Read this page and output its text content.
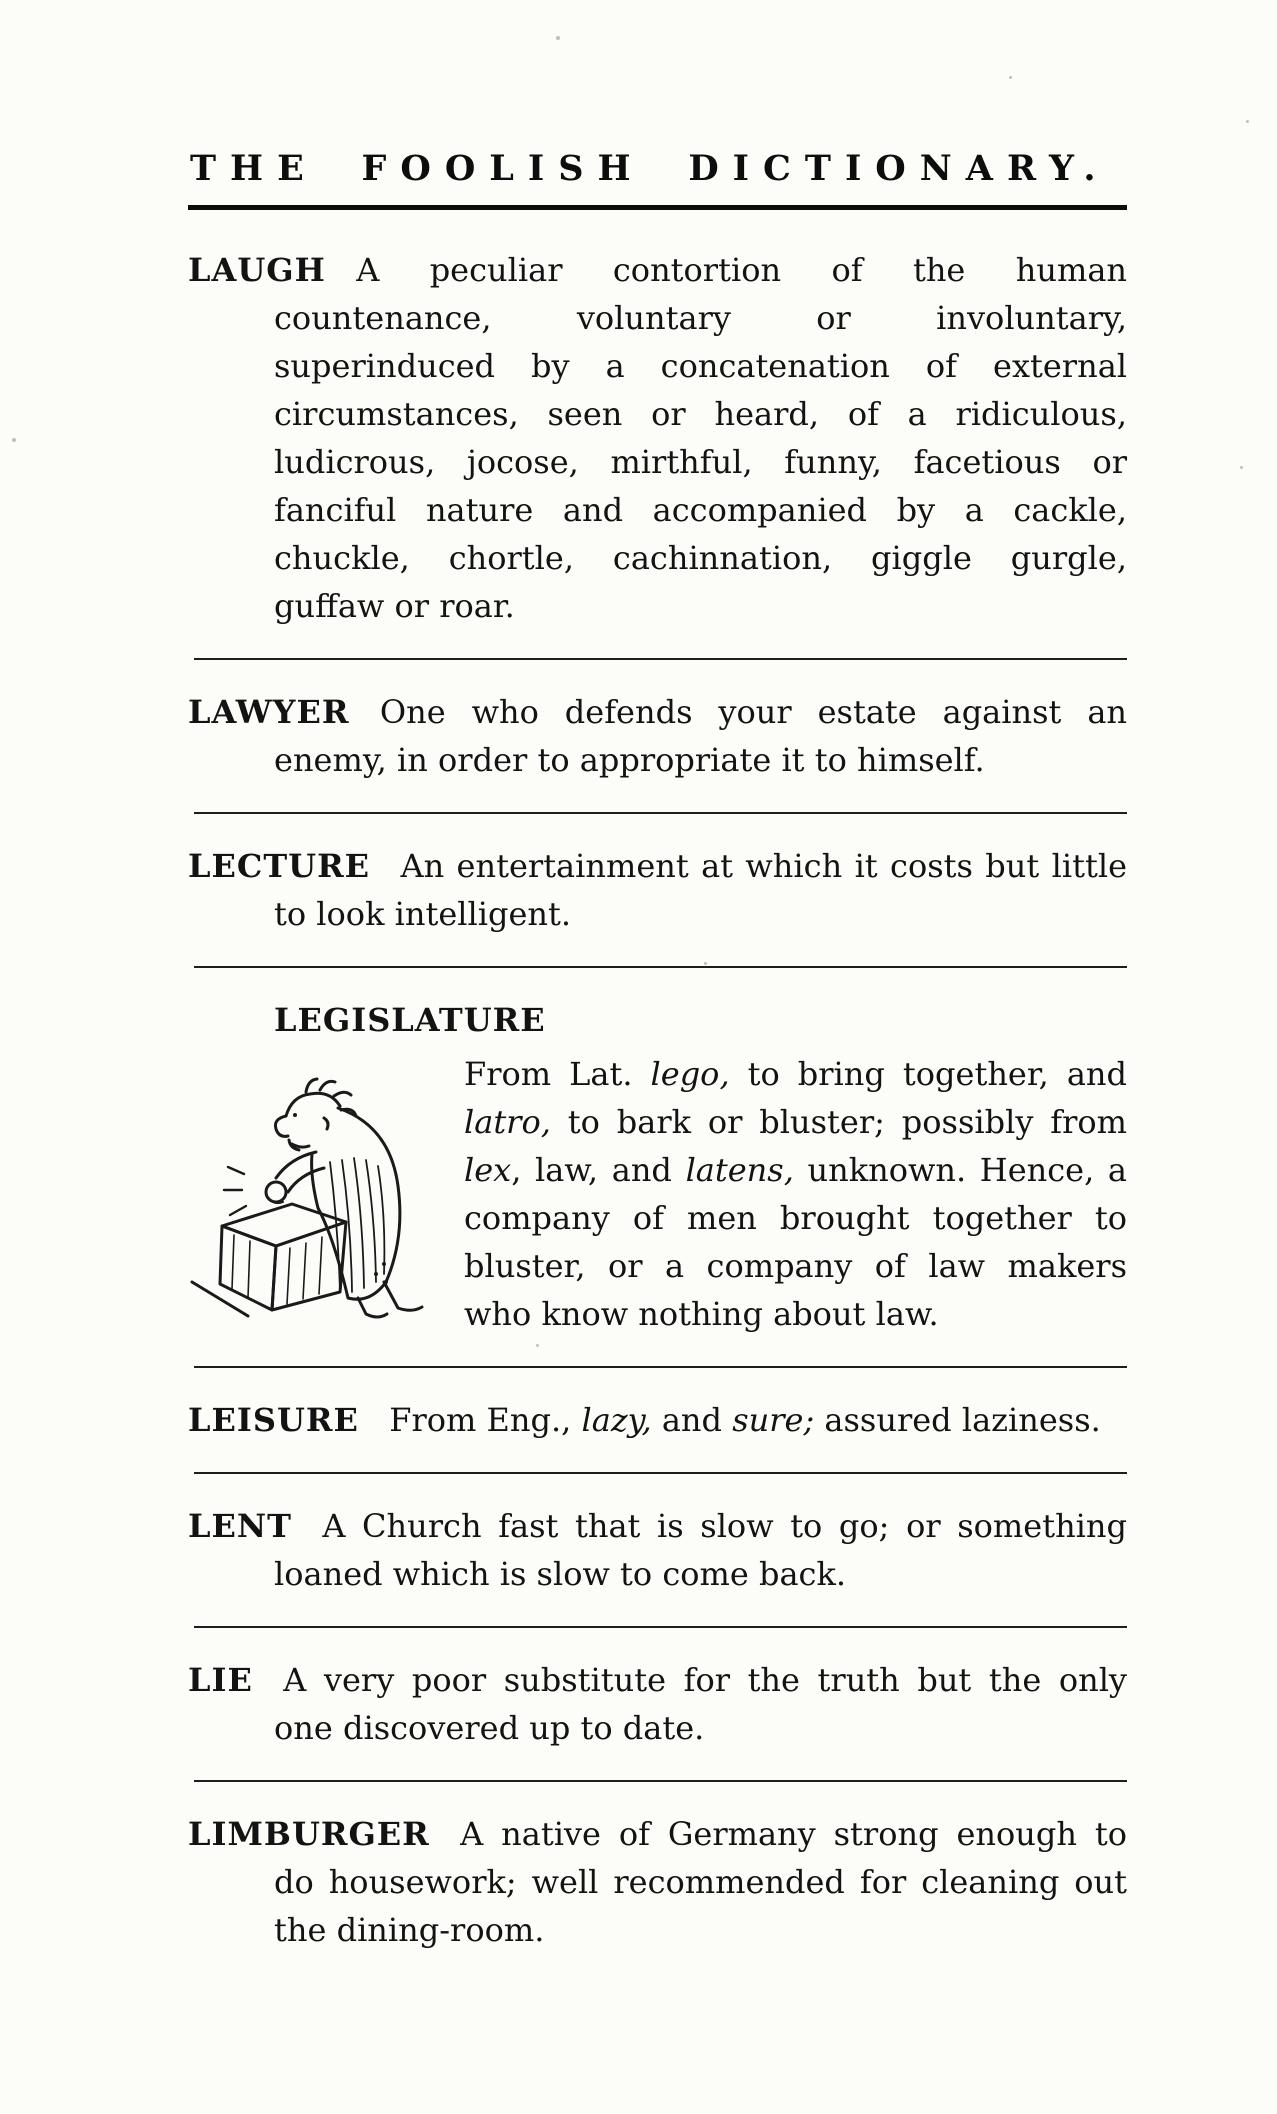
THE FOOLISH DICTIONARY.

LAUGH A peculiar contortion of the human countenance, voluntary or involuntary, superinduced by a concatenation of external circumstances, seen or heard, of a ridiculous, ludicrous, jocose, mirthful, funny, facetious or fanciful nature and accompanied by a cackle, chuckle, chortle, cachinnation, giggle gurgle, guffaw or roar.

LAWYER One who defends your estate against an enemy, in order to appropriate it to himself.

LECTURE An entertainment at which it costs but little to look intelligent.

LEGISLATURE

From Lat. lego, to bring together, and latro, to bark or bluster; possibly from lex, law, and latens, unknown. Hence, a company of men brought together to bluster, or a company of law makers who know nothing about law.

LEISURE From Eng., lazy, and sure; assured laziness.

LENT A Church fast that is slow to go; or something loaned which is slow to come back.

LIE A very poor substitute for the truth but the only one discovered up to date.

LIMBURGER A native of Germany strong enough to do housework; well recommended for cleaning out the dining-room.
